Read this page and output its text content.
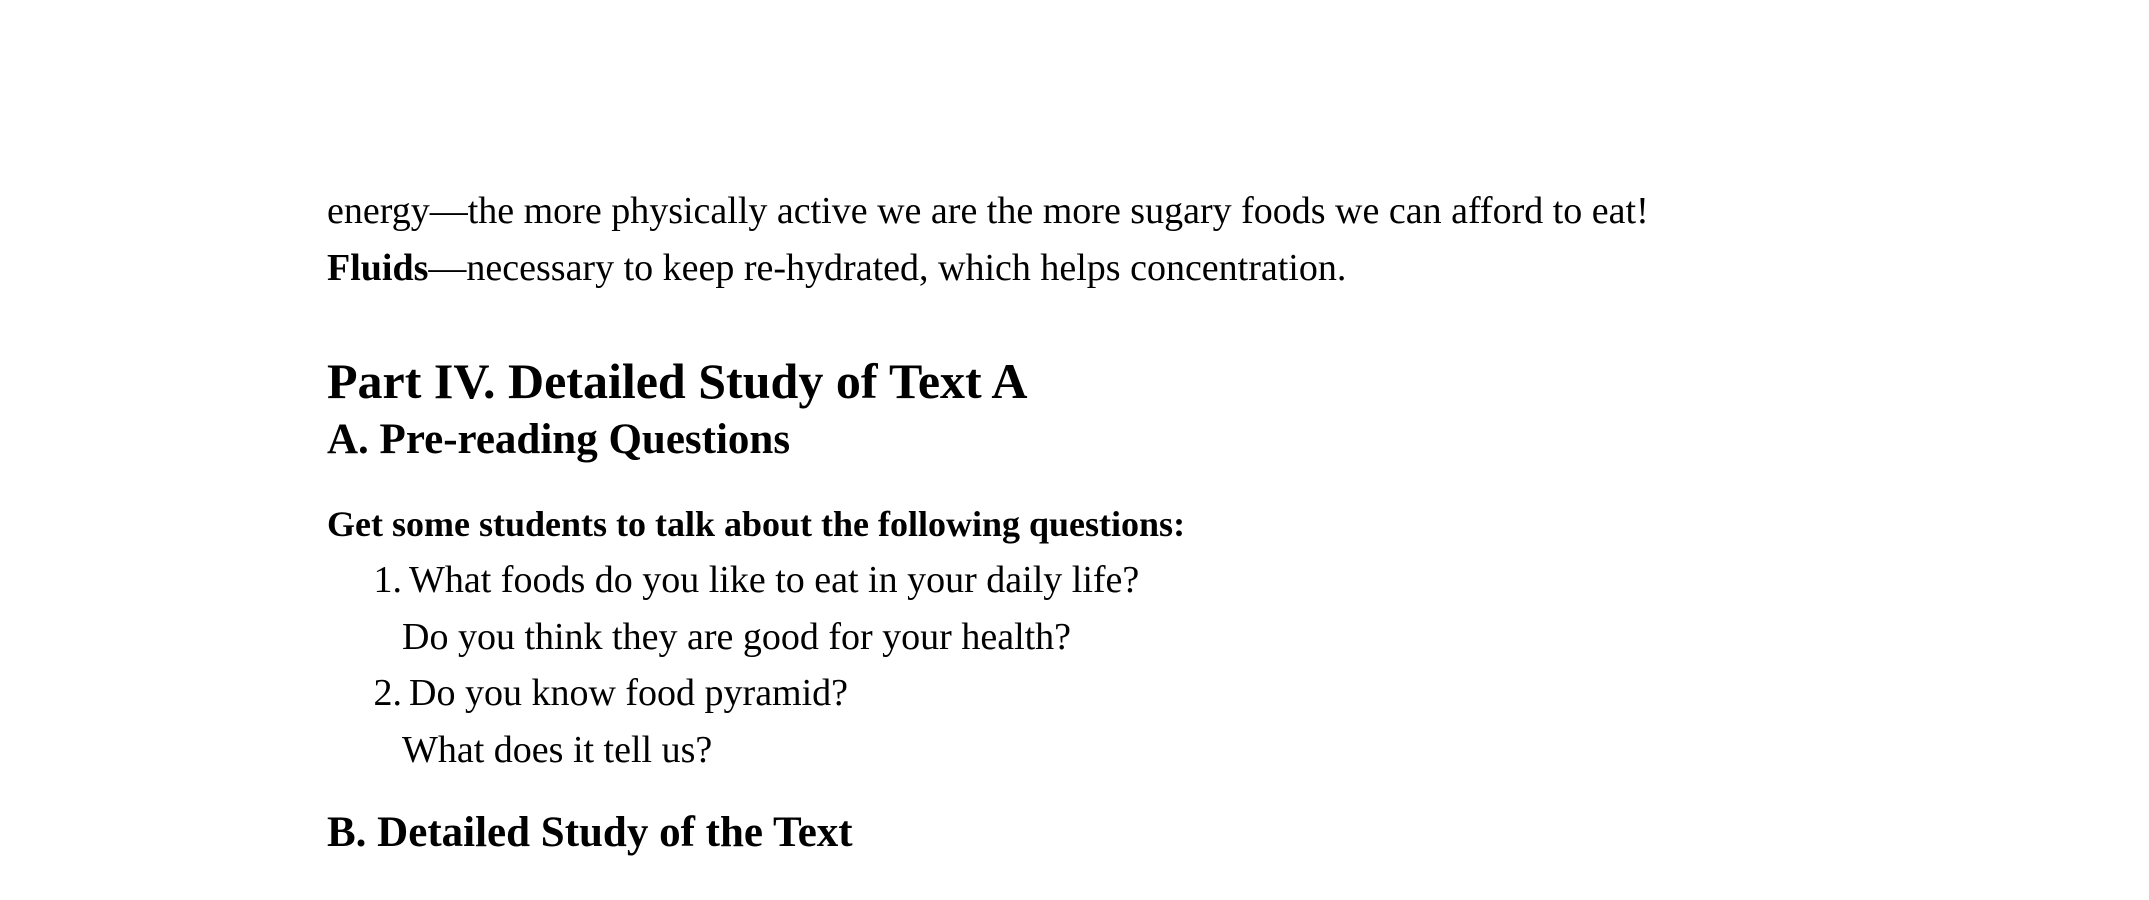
energy—the more physically active we are the more sugary foods we can afford to eat!
Fluids—necessary to keep re-hydrated, which helps concentration.
Part IV. Detailed Study of Text A
A. Pre-reading Questions
Get some students to talk about the following questions:
1. What foods do you like to eat in your daily life?
Do you think they are good for your health?
2. Do you know food pyramid?
What does it tell us?
B. Detailed Study of the Text
